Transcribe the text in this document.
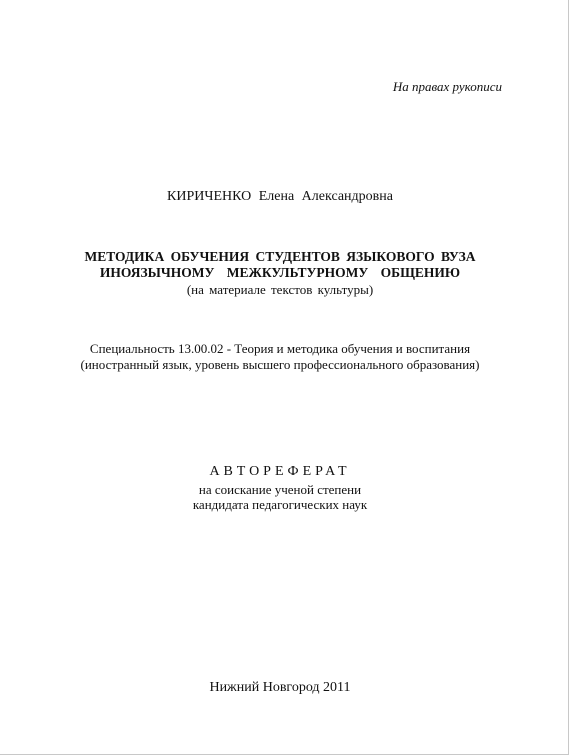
На правах рукописи
КИРИЧЕНКО Елена Александровна
МЕТОДИКА ОБУЧЕНИЯ СТУДЕНТОВ ЯЗЫКОВОГО ВУЗА
ИНОЯЗЫЧНОМУ МЕЖКУЛЬТУРНОМУ ОБЩЕНИЮ
(на материале текстов культуры)
Специальность 13.00.02 - Теория и методика обучения и воспитания
(иностранный язык, уровень высшего профессионального образования)
АВТОРЕФЕРАТ
на соискание ученой степени
кандидата педагогических наук
Нижний Новгород 2011
